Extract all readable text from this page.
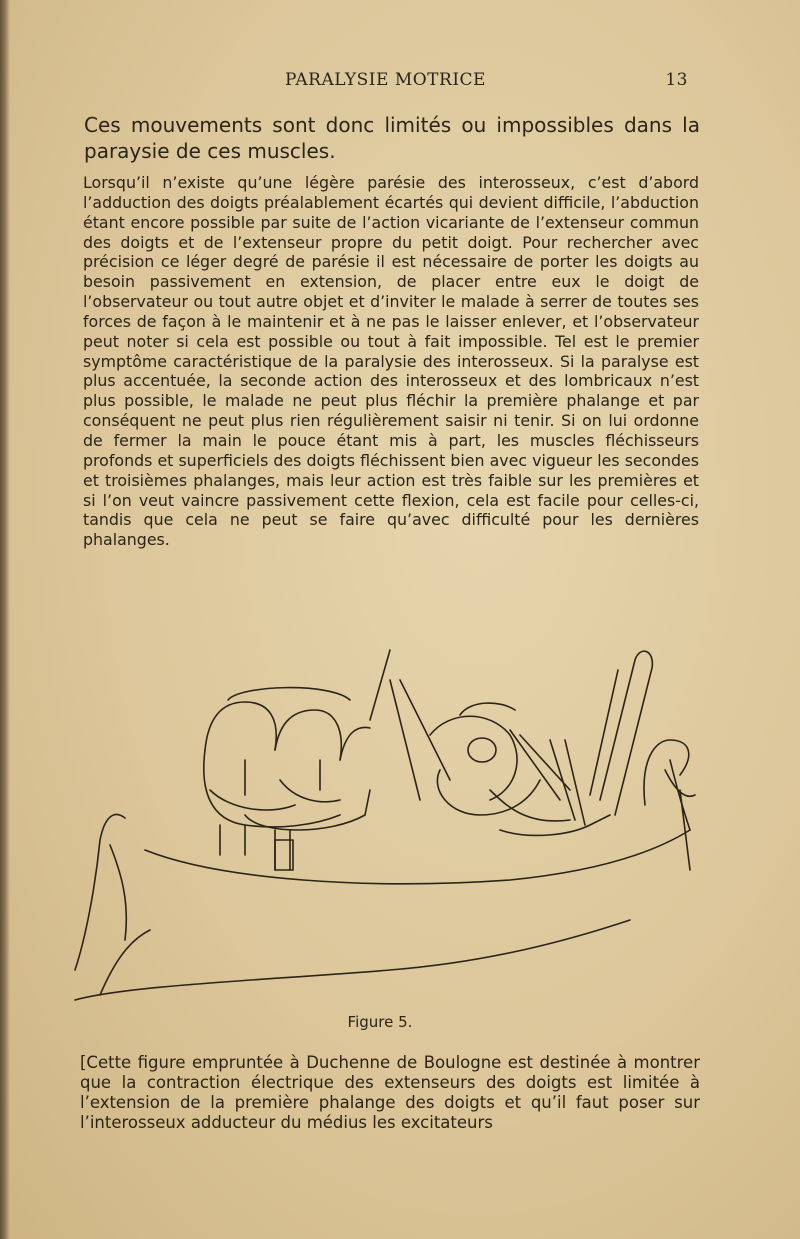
PARALYSIE MOTRICE	13

Ces mouvements sont donc limités ou impossibles dans la paraysie de ces muscles.

Lorsqu’il n’existe qu’une légère parésie des interosseux, c’est d’abord l’adduction des doigts préalablement écartés qui devient difficile, l’abduction étant encore possible par suite de l’action vicariante de l’extenseur commun des doigts et de l’extenseur propre du petit doigt. Pour rechercher avec précision ce léger degré de parésie il est nécessaire de porter les doigts au besoin passivement en extension, de placer entre eux le doigt de l’observateur ou tout autre objet et d’inviter le malade à serrer de toutes ses forces de façon à le maintenir et à ne pas le laisser enlever, et l’observateur peut noter si cela est possible ou tout à fait impossible. Tel est le premier symptôme caractéristique de la paralysie des interosseux. Si la paralyse est plus accentuée, la seconde action des interosseux et des lombricaux n’est plus possible, le malade ne peut plus fléchir la première phalange et par conséquent ne peut plus rien régulièrement saisir ni tenir. Si on lui ordonne de fermer la main le pouce étant mis à part, les muscles fléchisseurs profonds et superficiels des doigts fléchissent bien avec vigueur les secondes et troisièmes phalanges, mais leur action est très faible sur les premières et si l’on veut vaincre passivement cette flexion, cela est facile pour celles-ci, tandis que cela ne peut se faire qu’avec difficulté pour les dernières phalanges.

Figure 5.

[Cette figure empruntée à Duchenne de Boulogne est destinée à montrer que la contraction électrique des extenseurs des doigts est limitée à l’extension de la première phalange des doigts et qu’il faut poser sur l’interosseux adducteur du médius les excitateurs
